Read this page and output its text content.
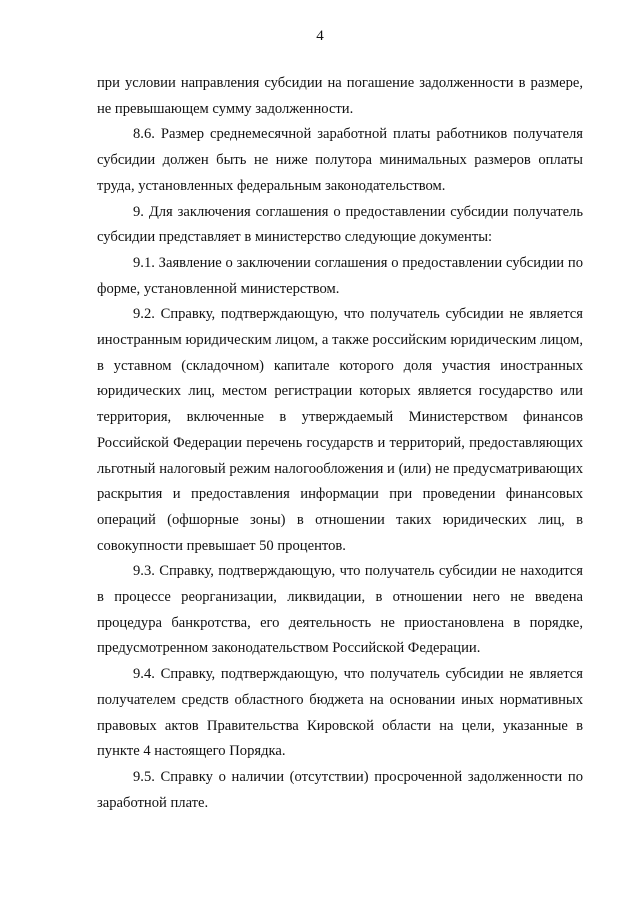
4

при условии направления субсидии на погашение задолженности в размере, не превышающем сумму задолженности.

8.6. Размер среднемесячной заработной платы работников получателя субсидии должен быть не ниже полутора минимальных размеров оплаты труда, установленных федеральным законодательством.

9. Для заключения соглашения о предоставлении субсидии получатель субсидии представляет в министерство следующие документы:

9.1. Заявление о заключении соглашения о предоставлении субсидии по форме, установленной министерством.

9.2. Справку, подтверждающую, что получатель субсидии не является иностранным юридическим лицом, а также российским юридическим лицом, в уставном (складочном) капитале которого доля участия иностранных юридических лиц, местом регистрации которых является государство или территория, включенные в утверждаемый Министерством финансов Российской Федерации перечень государств и территорий, предоставляющих льготный налоговый режим налогообложения и (или) не предусматривающих раскрытия и предоставления информации при проведении финансовых операций (офшорные зоны) в отношении таких юридических лиц, в совокупности превышает 50 процентов.

9.3. Справку, подтверждающую, что получатель субсидии не находится в процессе реорганизации, ликвидации, в отношении него не введена процедура банкротства, его деятельность не приостановлена в порядке, предусмотренном законодательством Российской Федерации.

9.4. Справку, подтверждающую, что получатель субсидии не является получателем средств областного бюджета на основании иных нормативных правовых актов Правительства Кировской области на цели, указанные в пункте 4 настоящего Порядка.

9.5. Справку о наличии (отсутствии) просроченной задолженности по заработной плате.
